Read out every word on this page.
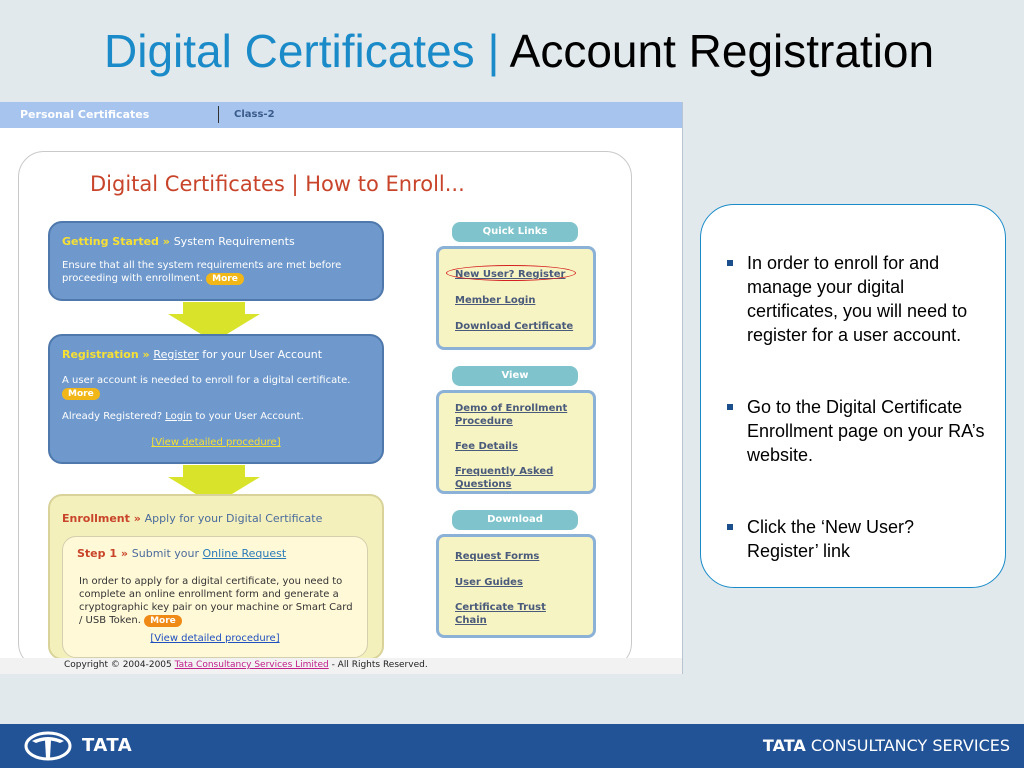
Digital Certificates | Account Registration
Personal Certificates	Class-2
Digital Certificates | How to Enroll...
Getting Started » System Requirements
Ensure that all the system requirements are met before proceeding with enrollment. More
Registration » Register for your User Account
A user account is needed to enroll for a digital certificate. More
Already Registered? Login to your User Account.
[View detailed procedure]
Enrollment » Apply for your Digital Certificate
Step 1 » Submit your Online Request
In order to apply for a digital certificate, you need to complete an online enrollment form and generate a cryptographic key pair on your machine or Smart Card / USB Token. More
[View detailed procedure]
Quick Links
New User? Register
Member Login
Download Certificate
View
Demo of Enrollment Procedure
Fee Details
Frequently Asked Questions
Download
Request Forms
User Guides
Certificate Trust Chain
Copyright © 2004-2005 Tata Consultancy Services Limited - All Rights Reserved.
In order to enroll for and manage your digital certificates, you will need to register for a user account.
Go to the Digital Certificate Enrollment page on your RA’s website.
Click the ‘New User? Register’ link
TATA	TATA CONSULTANCY SERVICES
